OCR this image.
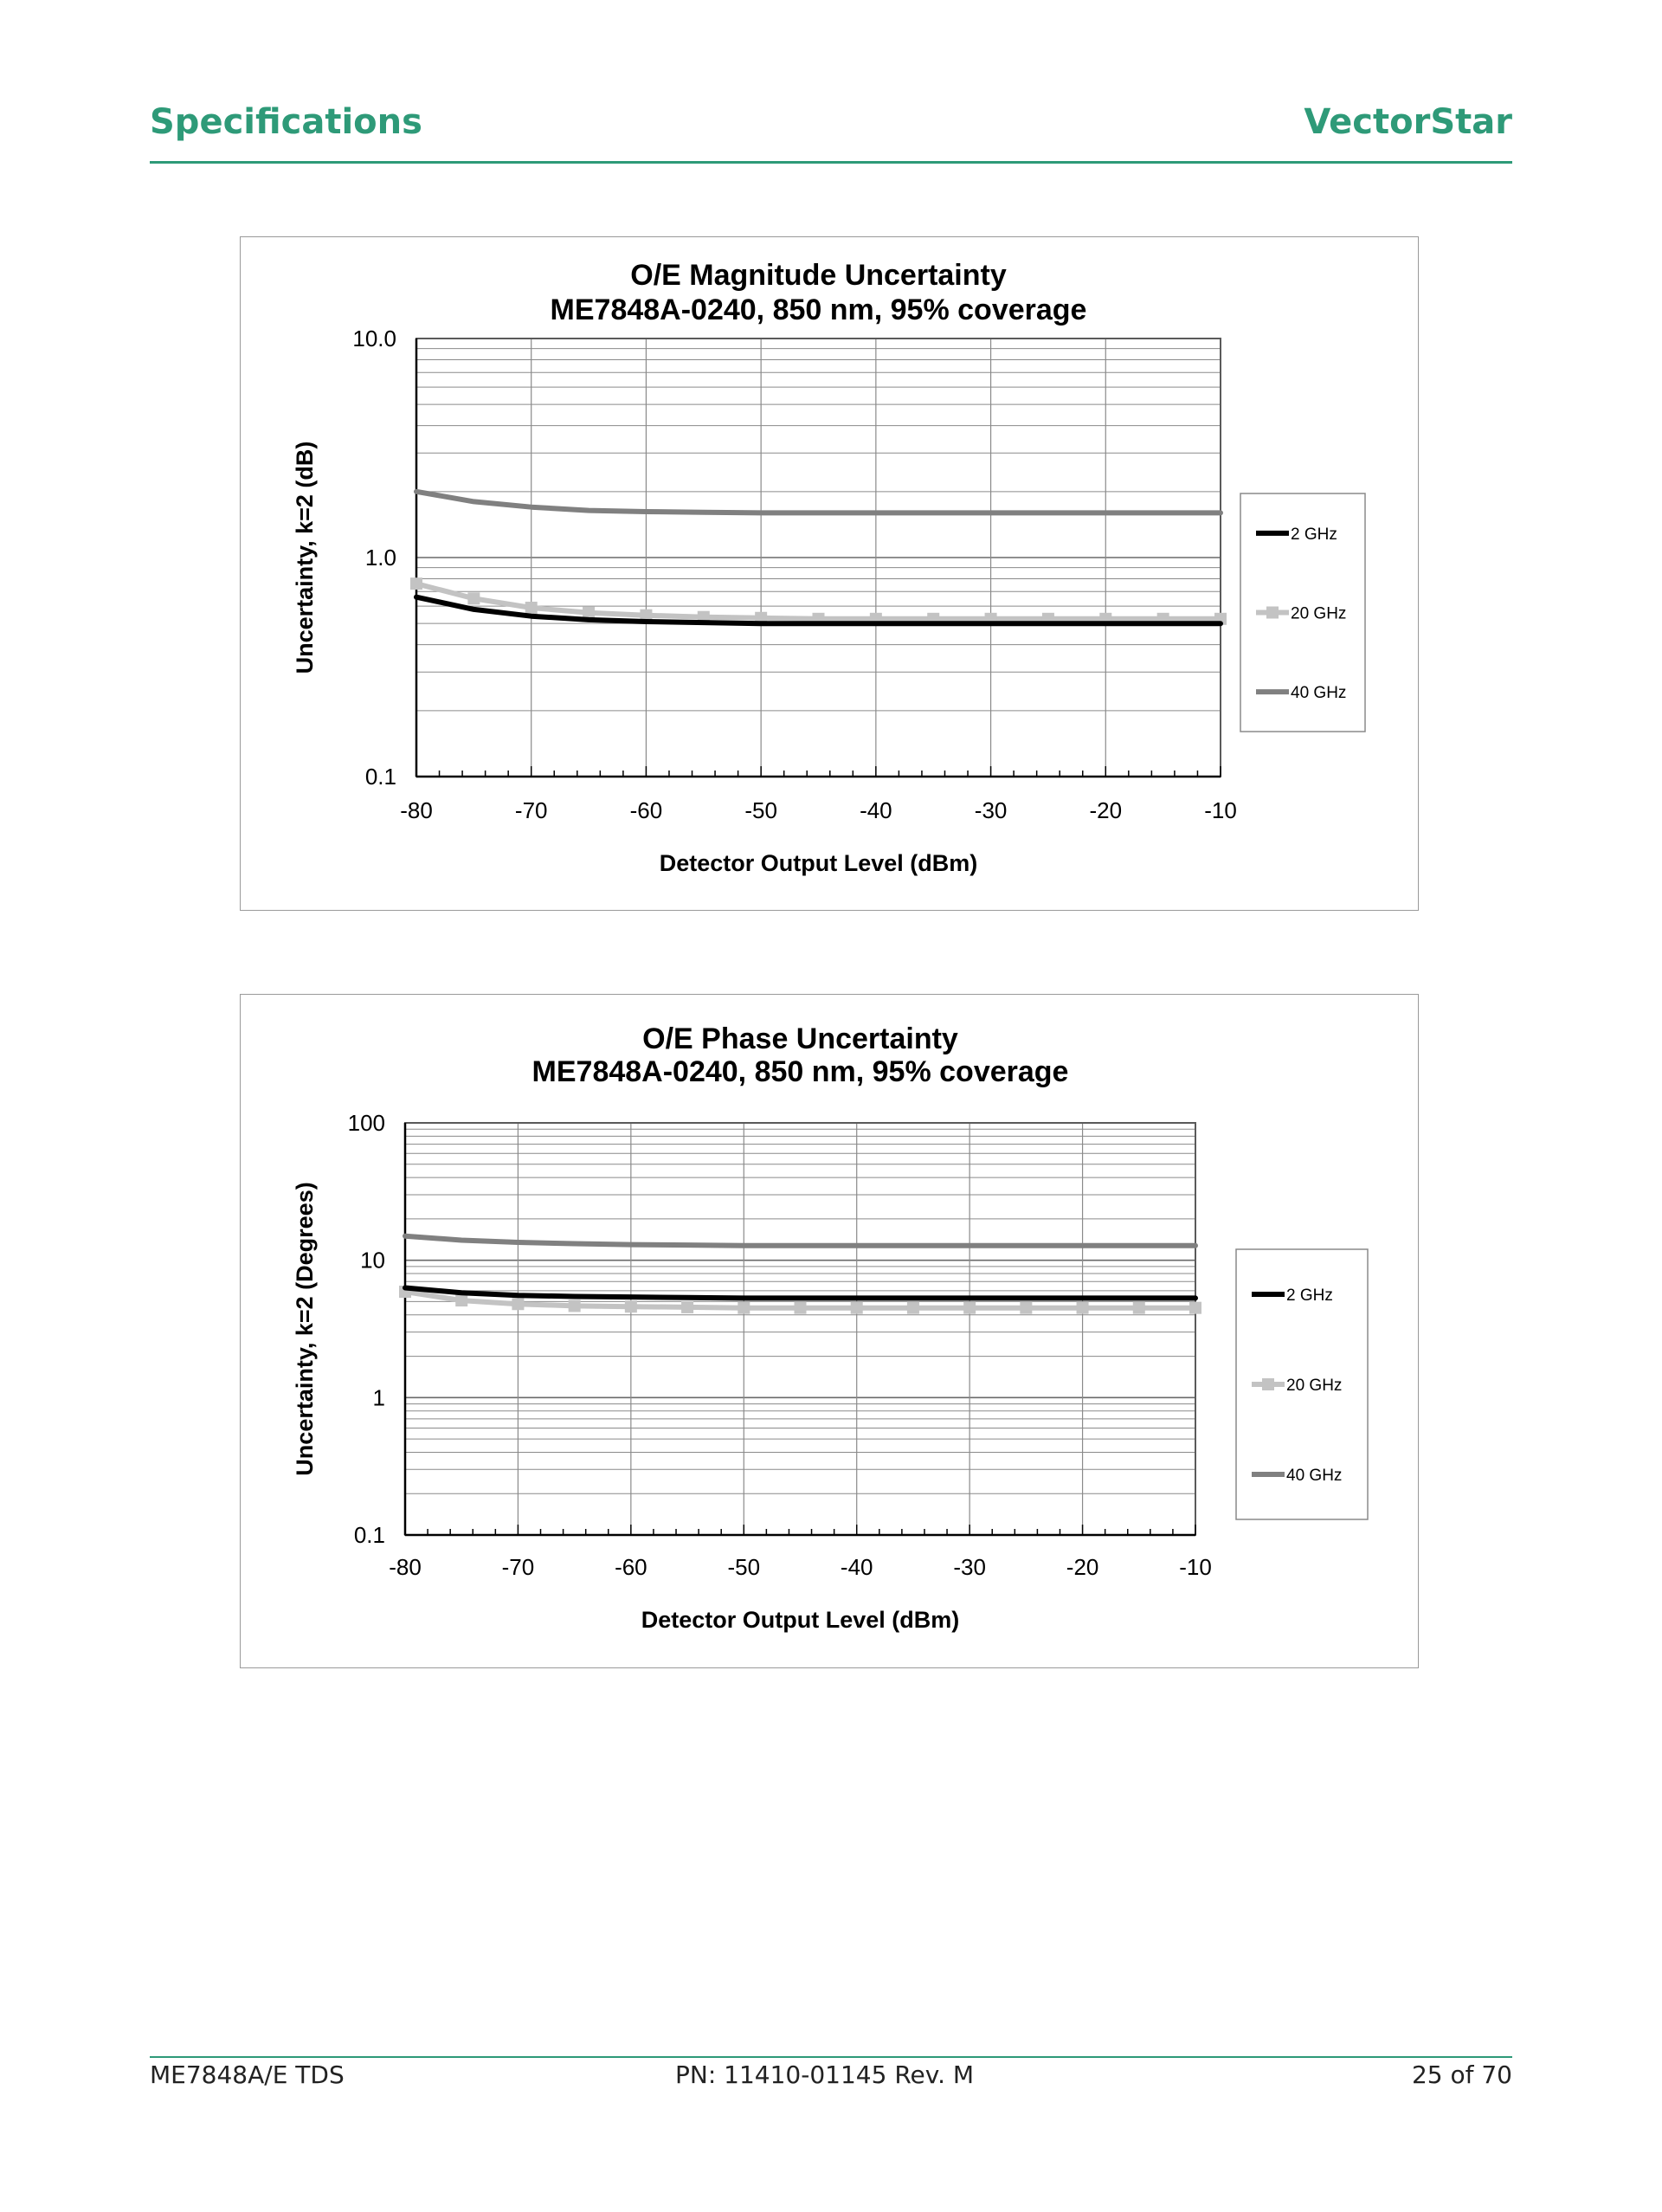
Specifications	VectorStar
O/E Magnitude Uncertainty
ME7848A-0240, 850 nm, 95% coverage
-80	-70	-60	-50	-40	-30	-20	-10
0.1
1.0
10.0
Detector Output Level (dBm)
Uncertainty, k=2 (dB)	2 GHz
20 GHz
40 GHz
O/E Phase Uncertainty
ME7848A-0240, 850 nm, 95% coverage
-80	-70	-60	-50	-40	-30	-20	-10
0.1
1
10
100
Detector Output Level (dBm)
Uncertainty, k=2 (Degrees)	2 GHz
20 GHz
40 GHz
ME7848A/E TDS	PN: 11410-01145 Rev. M	25 of 70
